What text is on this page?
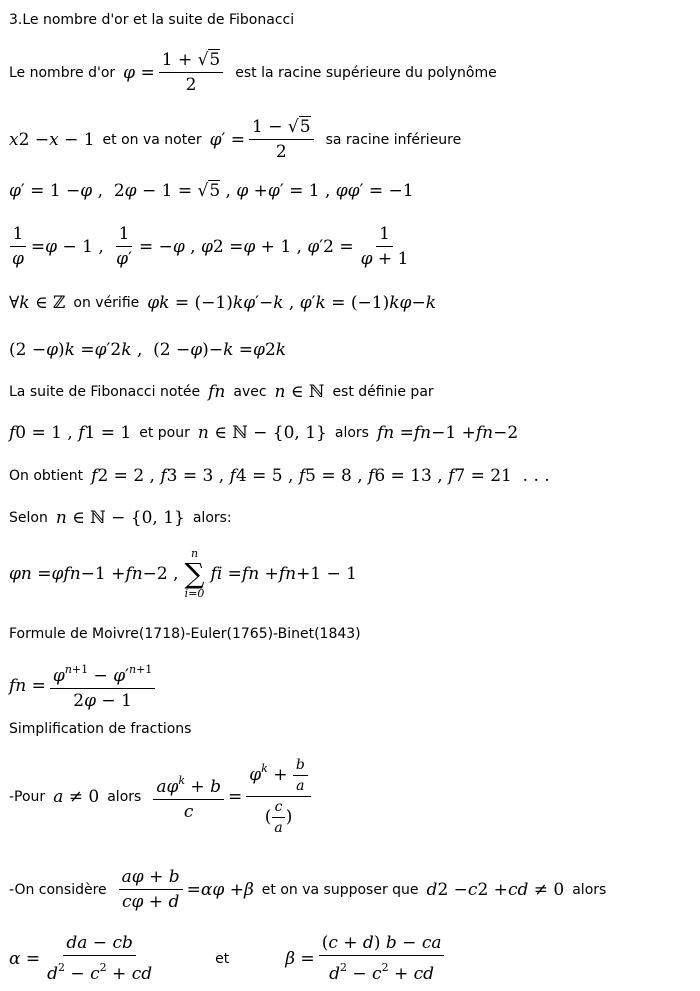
3.Le nombre d'or et la suite de Fibonacci
Le nombre d'or $\varphi = \frac{1 + √5}{2}$ est la racine supérieure du polynôme
x 2 − x − 1 et on va noter φ ′ = $\frac{1 - √5}{2}$ sa racine inférieure
φ ′ = 1 − φ ,  2 φ − 1 = √5 , φ + φ ′ = 1 , φφ ′ = −1
$\frac{1}{\varphi} = \varphi - 1$ , $\frac{1}{\varphi'}$ = − φ , φ 2 = φ + 1 , φ ′ $2 = \frac{1}{\varphi + 1}$
∀ k ∈ ℤ on vérifie φ k = (−1) k φ ′ −k , φ ′ k = (−1) k φ −k
(2 − φ ) k = φ ′ 2k ,  (2 − φ ) −k = φ 2k
La suite de Fibonacci notée f n avec n ∈ ℕ est définie par
f 0 = 1 , f 1 = 1 et pour n ∈ ℕ − {0, 1} alors f n = f n−1 + f n−2
On obtient f 2 = 2 , f 3 = 3 , f 4 = 5 , f 5 = 8 , f 6 = 13 , f 7 = 21  . . .
Selon n ∈ ℕ − {0, 1} alors:
φ n = φf n−1 + f n−2 ,
n
∑
i=0
f i = f n + f n+1 − 1
Formule de Moivre(1718)-Euler(1765)-Binet(1843)
f $n = \frac{\varphi^{n+1} - \varphi'^{n+1}}{2\varphi - 1}$
Simplification de fractions
-Pour a ≠ 0 alors $\frac{a\varphi^k + b}{c} = \frac{\varphi^k + \frac{b}{a}}{( \frac{c}{a} )}$
-On considère $\frac{a\varphi + b}{c\varphi + d} = \alpha\varphi + \beta$ et on va supposer que d 2 − c 2 + cd ≠ 0 alors
$\alpha = \frac{da - cb}{d^2 - c^2 + cd}$	et	$\beta = \frac{(c + d) b - ca}{d^2 - c^2 + cd}$
